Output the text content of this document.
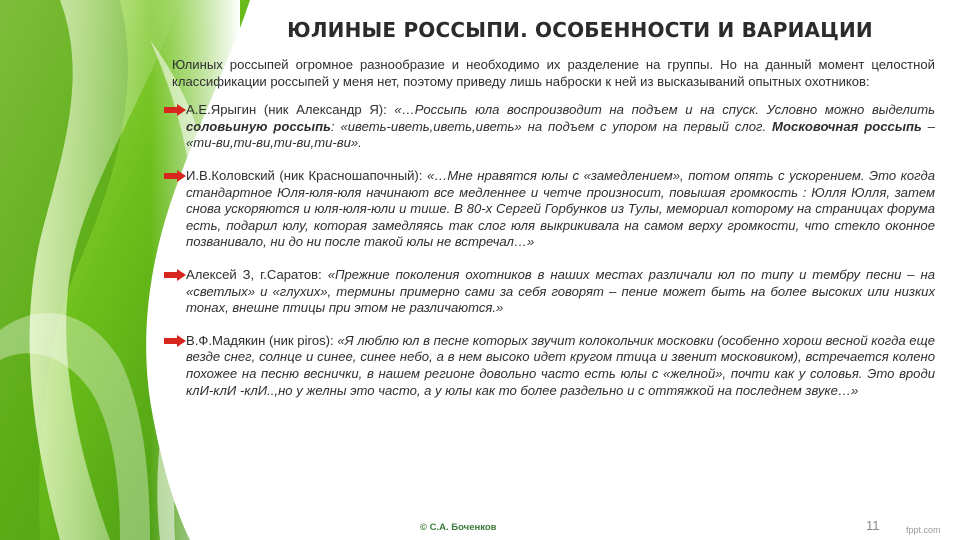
ЮЛИНЫЕ РОССЫПИ. ОСОБЕННОСТИ И ВАРИАЦИИ

Юлиных россыпей огромное разнообразие и необходимо их разделение на группы. Но на данный момент целостной классификации россыпей у меня нет, поэтому приведу лишь наброски к ней из высказываний опытных охотников:

А.Е.Ярыгин (ник Александр Я): «…Россыпь юла воспроизводит на подъем и на спуск. Условно можно выделить соловьиную россыпь: «иветь-иветь,иветь,иветь» на подъем с упором на первый слог. Московочная россыпь – «ти-ви,ти-ви,ти-ви,ти-ви».
И.В.Коловский (ник Красношапочный): «…Мне нравятся юлы с «замедлением», потом опять с ускорением. Это когда стандартное Юля-юля-юля начинают все медленнее и четче произносит, повышая громкость : Юлля Юлля, затем снова ускоряются и юля-юля-юли и тише. В 80-х Сергей Горбунков из Тулы, мемориал которому на страницах форума есть, подарил юлу, которая замедляясь так слог юля выкрикивала на самом верху громкости, что стекло оконное позванивало, ни до ни после такой юлы не встречал…»
Алексей З, г.Саратов: «Прежние поколения охотников в наших местах различали юл по типу и тембру песни – на «светлых» и «глухих», термины примерно сами за себя говорят – пение может быть на более высоких или низких тонах, внешне птицы при этом не различаются.»
В.Ф.Мадякин (ник piros): «Я люблю юл в песне которых звучит колокольчик московки (особенно хорош весной когда еще везде снег, солнце и синее, синее небо, а в нем высоко идет кругом птица и звенит московиком), встречается колено похожее на песню веснички, в нашем регионе довольно часто есть юлы с «желной», почти как у соловья. Это вроди клИ-клИ -клИ..,но у желны это часто, а у юлы как то более раздельно и с оттяжкой на последнем звуке…»
© С.А. Боченков	11	fppt.com
